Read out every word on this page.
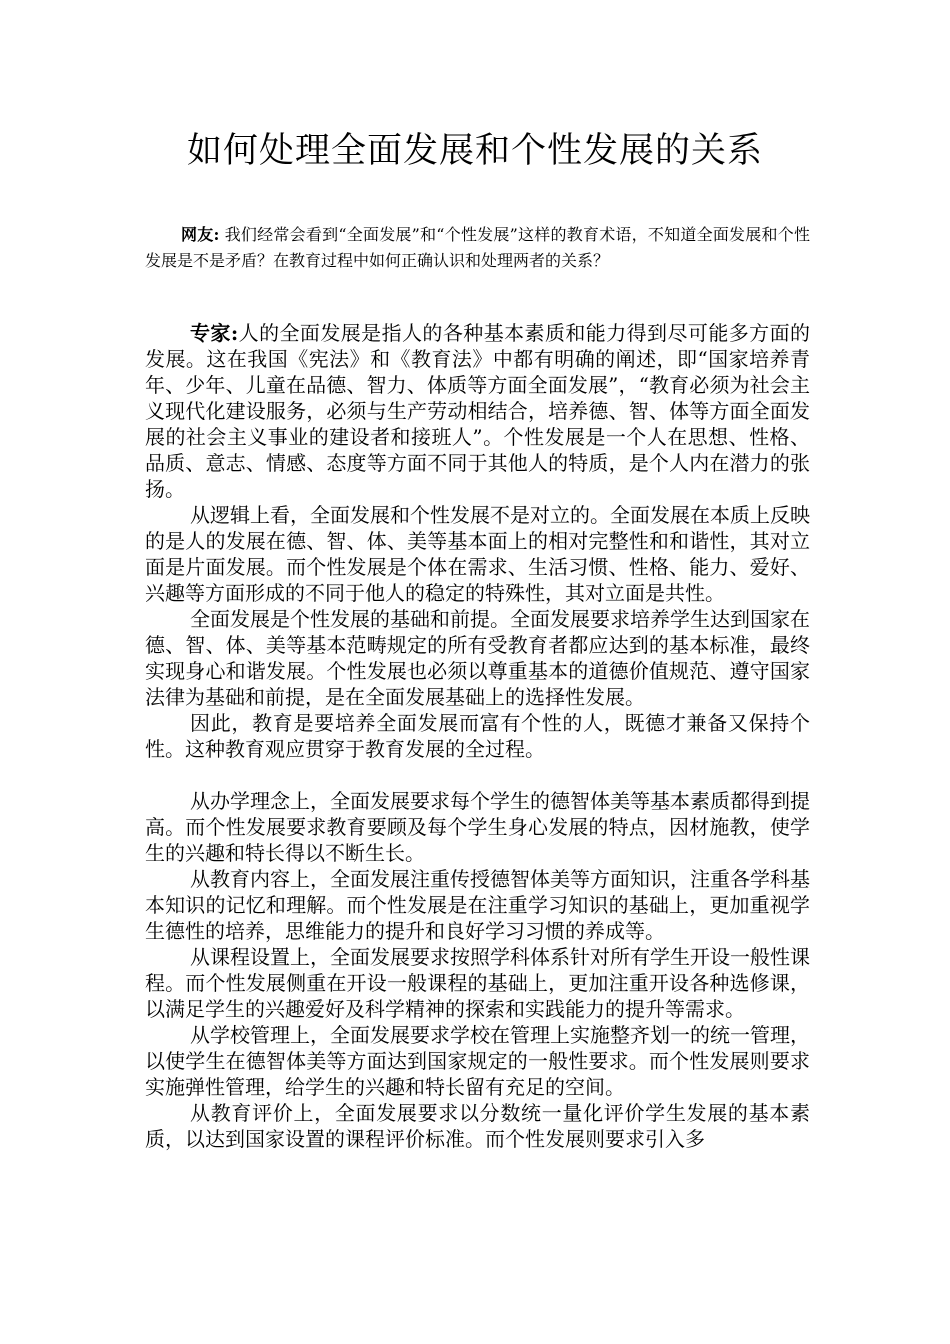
如何处理全面发展和个性发展的关系
网友: 我们经常会看到“全面发展”和“个性发展”这样的教育术语，不知道全面发展和个性发展是不是矛盾？在教育过程中如何正确认识和处理两者的关系？

专家:人的全面发展是指人的各种基本素质和能力得到尽可能多方面的发展。这在我国《宪法》和《教育法》中都有明确的阐述，即“国家培养青年、少年、儿童在品德、智力、体质等方面全面发展”，“教育必须为社会主义现代化建设服务，必须与生产劳动相结合，培养德、智、体等方面全面发展的社会主义事业的建设者和接班人”。个性发展是一个人在思想、性格、品质、意志、情感、态度等方面不同于其他人的特质，是个人内在潜力的张扬。

从逻辑上看，全面发展和个性发展不是对立的。全面发展在本质上反映的是人的发展在德、智、体、美等基本面上的相对完整性和和谐性，其对立面是片面发展。而个性发展是个体在需求、生活习惯、性格、能力、爱好、兴趣等方面形成的不同于他人的稳定的特殊性，其对立面是共性。

全面发展是个性发展的基础和前提。全面发展要求培养学生达到国家在德、智、体、美等基本范畴规定的所有受教育者都应达到的基本标准，最终实现身心和谐发展。个性发展也必须以尊重基本的道德价值规范、遵守国家法律为基础和前提，是在全面发展基础上的选择性发展。

因此，教育是要培养全面发展而富有个性的人，既德才兼备又保持个性。这种教育观应贯穿于教育发展的全过程。

从办学理念上，全面发展要求每个学生的德智体美等基本素质都得到提高。而个性发展要求教育要顾及每个学生身心发展的特点，因材施教，使学生的兴趣和特长得以不断生长。

从教育内容上，全面发展注重传授德智体美等方面知识，注重各学科基本知识的记忆和理解。而个性发展是在注重学习知识的基础上，更加重视学生德性的培养，思维能力的提升和良好学习习惯的养成等。

从课程设置上，全面发展要求按照学科体系针对所有学生开设一般性课程。而个性发展侧重在开设一般课程的基础上，更加注重开设各种选修课，以满足学生的兴趣爱好及科学精神的探索和实践能力的提升等需求。

从学校管理上，全面发展要求学校在管理上实施整齐划一的统一管理，以使学生在德智体美等方面达到国家规定的一般性要求。而个性发展则要求实施弹性管理，给学生的兴趣和特长留有充足的空间。

从教育评价上，全面发展要求以分数统一量化评价学生发展的基本素质，以达到国家设置的课程评价标准。而个性发展则要求引入多
